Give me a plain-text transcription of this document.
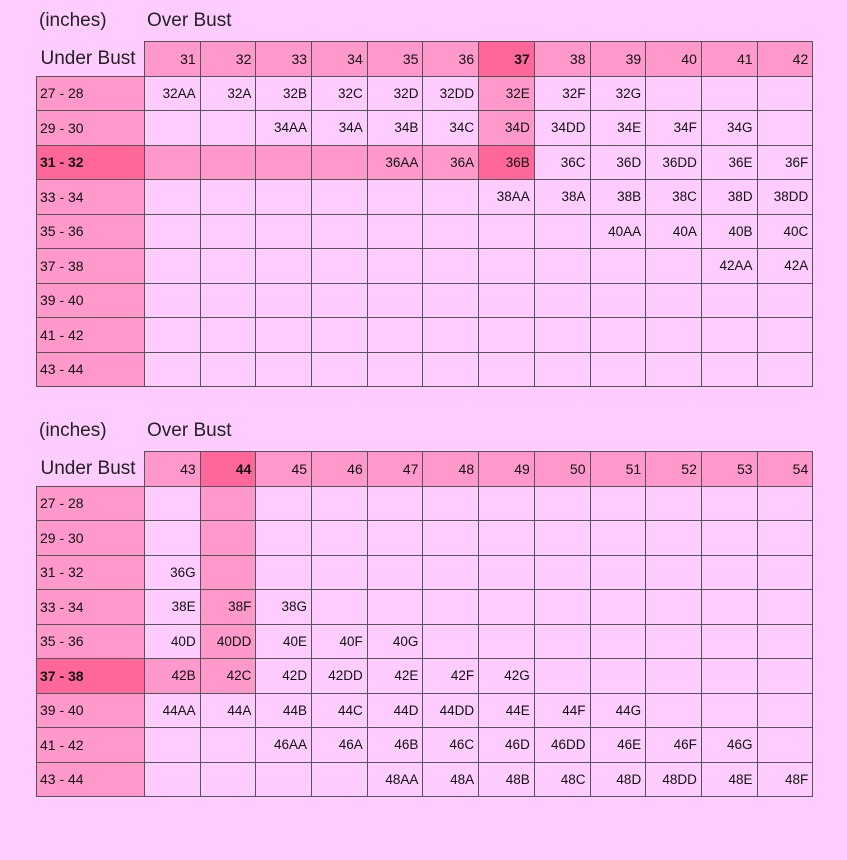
(inches) Over Bust
Under Bust	31	32	33	34	35	36	37	38	39	40	41	42
27 - 28	32AA	32A	32B	32C	32D	32DD	32E	32F	32G			
29 - 30			34AA	34A	34B	34C	34D	34DD	34E	34F	34G	
31 - 32					36AA	36A	36B	36C	36D	36DD	36E	36F
33 - 34							38AA	38A	38B	38C	38D	38DD
35 - 36									40AA	40A	40B	40C
37 - 38											42AA	42A
39 - 40												
41 - 42												
43 - 44												
(inches) Over Bust
Under Bust	43	44	45	46	47	48	49	50	51	52	53	54
27 - 28												
29 - 30												
31 - 32	36G											
33 - 34	38E	38F	38G									
35 - 36	40D	40DD	40E	40F	40G							
37 - 38	42B	42C	42D	42DD	42E	42F	42G					
39 - 40	44AA	44A	44B	44C	44D	44DD	44E	44F	44G			
41 - 42			46AA	46A	46B	46C	46D	46DD	46E	46F	46G	
43 - 44					48AA	48A	48B	48C	48D	48DD	48E	48F
